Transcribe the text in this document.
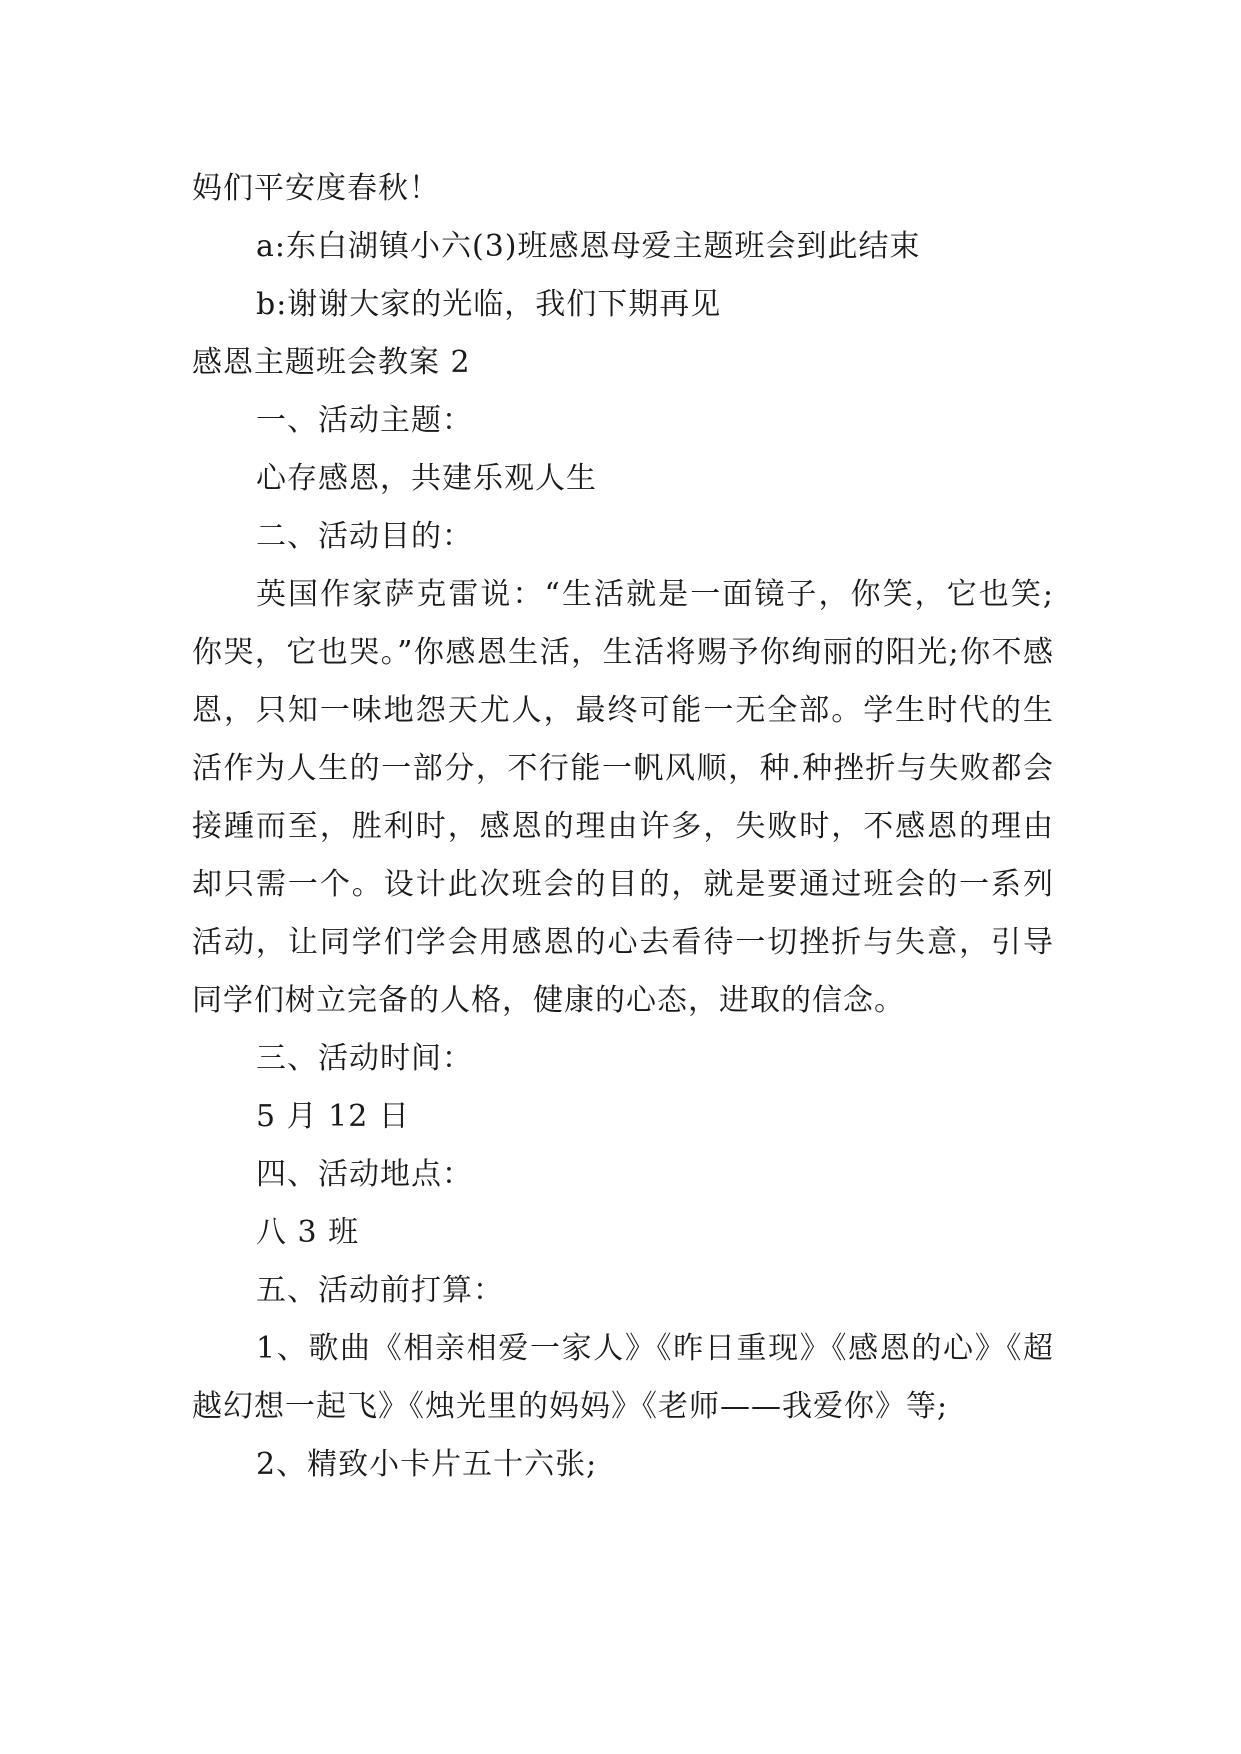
妈们平安度春秋！
a:东白湖镇小六(3)班感恩母爱主题班会到此结束
b:谢谢大家的光临，我们下期再见
感恩主题班会教案 2
一、活动主题：
心存感恩，共建乐观人生
二、活动目的：

英国作家萨克雷说：“生活就是一面镜子，你笑，它也笑;你哭，它也哭。”你感恩生活，生活将赐予你绚丽的阳光;你不感恩，只知一味地怨天尤人，最终可能一无全部。学生时代的生活作为人生的一部分，不行能一帆风顺，种.种挫折与失败都会接踵而至，胜利时，感恩的理由许多，失败时，不感恩的理由却只需一个。设计此次班会的目的，就是要通过班会的一系列活动，让同学们学会用感恩的心去看待一切挫折与失意，引导同学们树立完备的人格，健康的心态，进取的信念。

三、活动时间：
5 月 12 日
四、活动地点：
八 3 班
五、活动前打算：

1、歌曲《相亲相爱一家人》《昨日重现》《感恩的心》《超越幻想一起飞》《烛光里的妈妈》《老师——我爱你》等;

2、精致小卡片五十六张;
